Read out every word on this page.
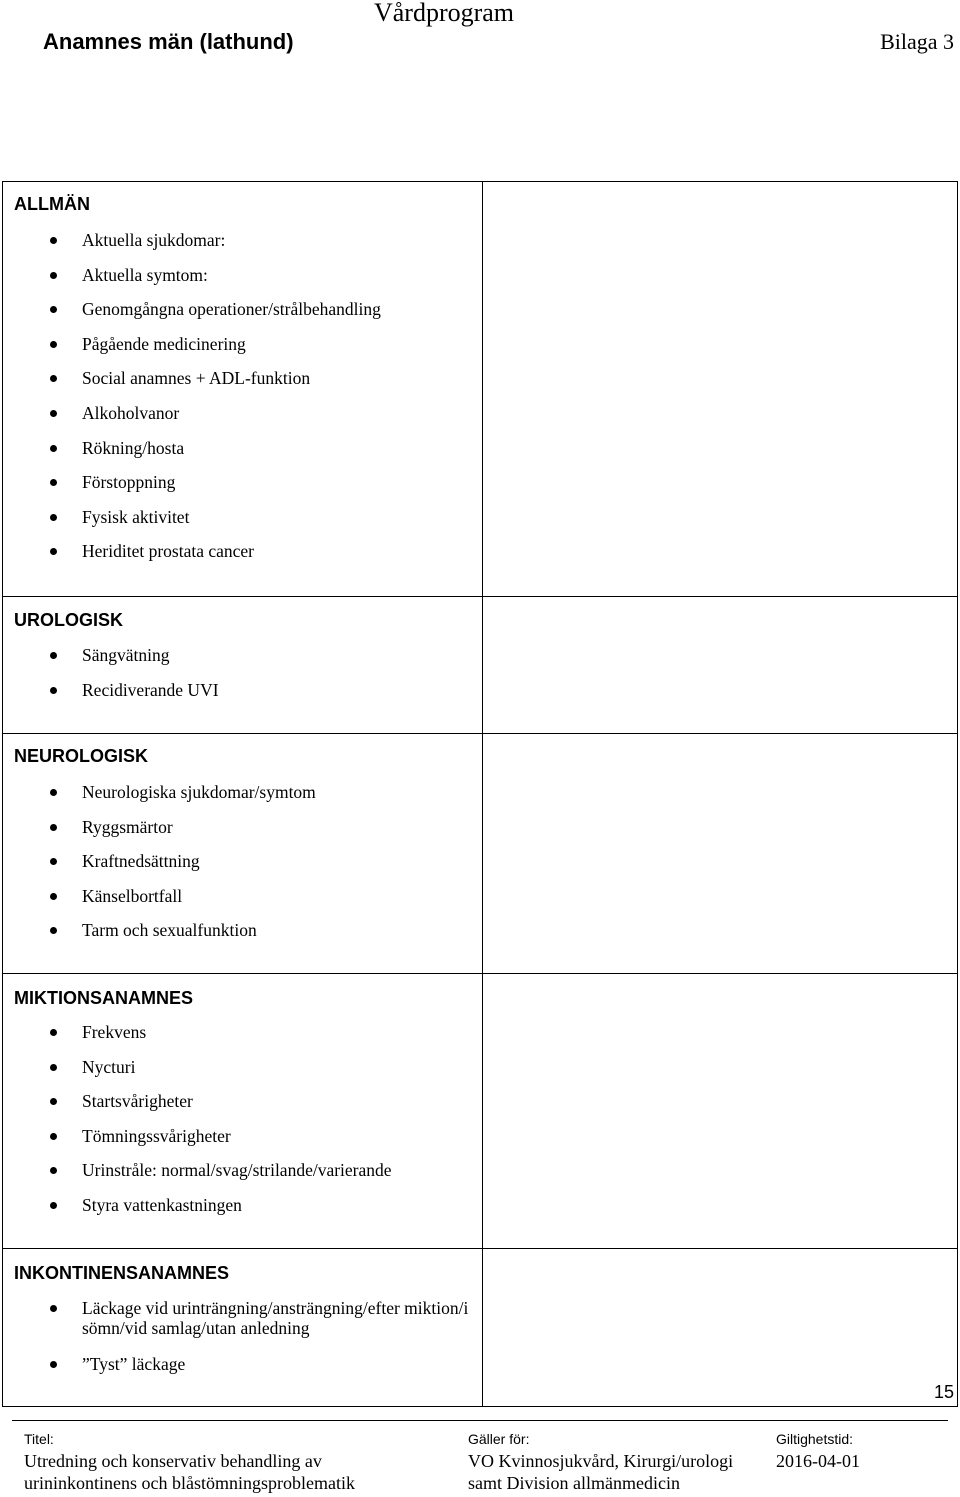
Vårdprogram
Anamnes män (lathund)	Bilaga 3
ALLMÄN
Aktuella sjukdomar:
Aktuella symtom:
Genomgångna operationer/strålbehandling
Pågående medicinering
Social anamnes + ADL-funktion
Alkoholvanor
Rökning/hosta
Förstoppning
Fysisk aktivitet
Heriditet prostata cancer
UROLOGISK
Sängvätning
Recidiverande UVI
NEUROLOGISK
Neurologiska sjukdomar/symtom
Ryggsmärtor
Kraftnedsättning
Känselbortfall
Tarm och sexualfunktion
MIKTIONSANAMNES
Frekvens
Nycturi
Startsvårigheter
Tömningssvårigheter
Urinstråle: normal/svag/strilande/varierande
Styra vattenkastningen
INKONTINENSANAMNES
Läckage vid urinträngning/ansträngning/efter miktion/i sömn/vid samlag/utan anledning
”Tyst” läckage
15
Titel:
Utredning och konservativ behandling av
urininkontinens och blåstömningsproblematik
Gäller för:
VO Kvinnosjukvård, Kirurgi/urologi
samt Division allmänmedicin
Giltighetstid:
2016-04-01
